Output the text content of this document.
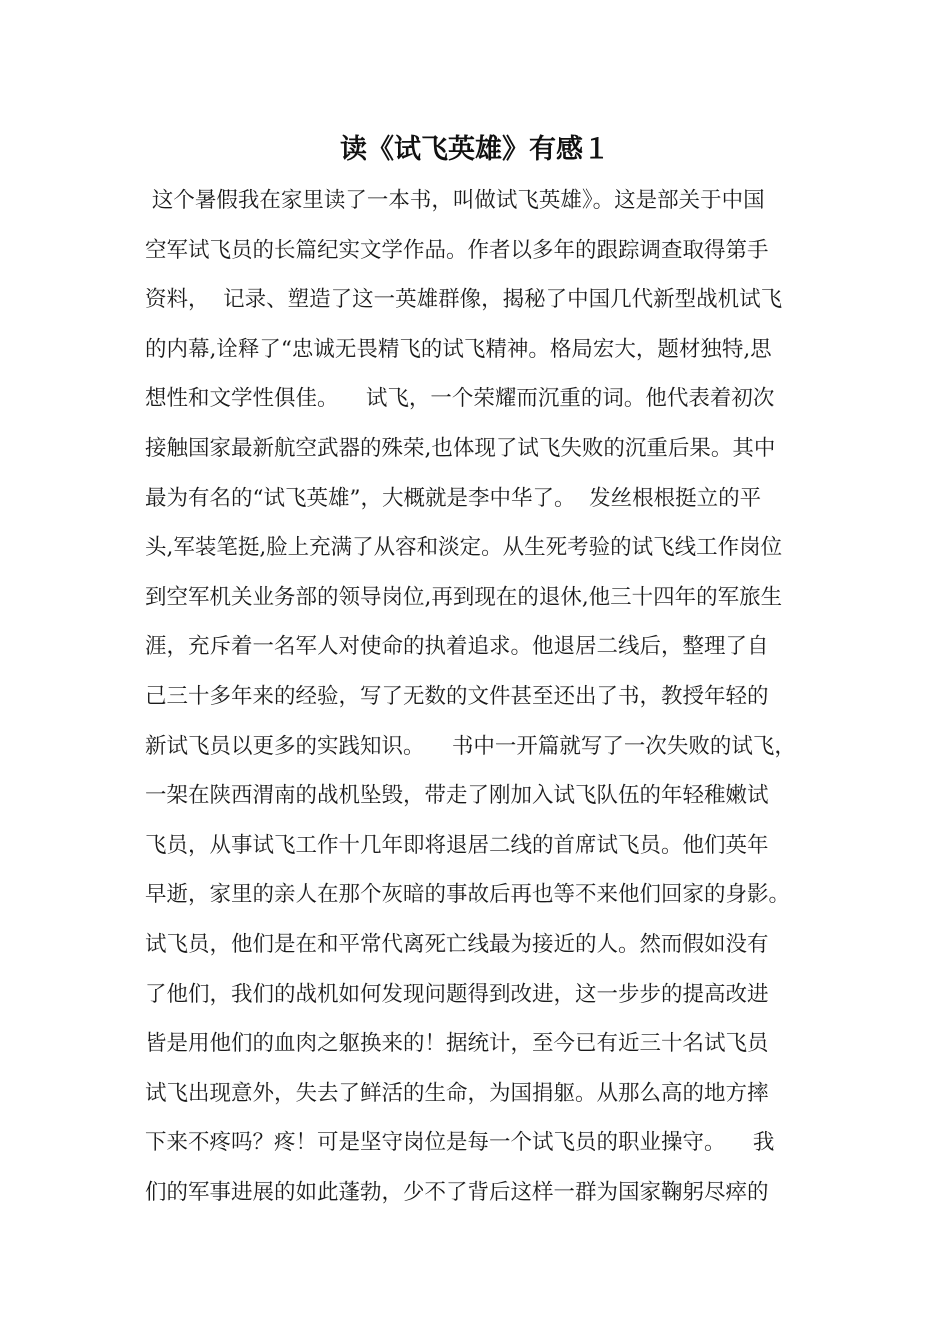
读《试飞英雄》有感１
这个暑假我在家里读了一本书，叫做试飞英雄》。这是部关于中国
空军试飞员的长篇纪实文学作品。作者以多年的跟踪调查取得第手
资料，  记录、塑造了这一英雄群像，揭秘了中国几代新型战机试飞
的内幕,诠释了“忠诚无畏精飞的试飞精神。格局宏大，题材独特,思
想性和文学性俱佳。    试飞，一个荣耀而沉重的词。他代表着初次
接触国家最新航空武器的殊荣,也体现了试飞失败的沉重后果。其中
最为有名的“试飞英雄”，大概就是李中华了。  发丝根根挺立的平
头,军装笔挺,脸上充满了从容和淡定。从生死考验的试飞线工作岗位
到空军机关业务部的领导岗位,再到现在的退休,他三十四年的军旅生
涯，充斥着一名军人对使命的执着追求。他退居二线后，整理了自
己三十多年来的经验，写了无数的文件甚至还出了书，教授年轻的
新试飞员以更多的实践知识。    书中一开篇就写了一次失败的试飞，
一架在陕西渭南的战机坠毁，带走了刚加入试飞队伍的年轻稚嫩试
飞员，从事试飞工作十几年即将退居二线的首席试飞员。他们英年
早逝，家里的亲人在那个灰暗的事故后再也等不来他们回家的身影。
试飞员，他们是在和平常代离死亡线最为接近的人。然而假如没有
了他们，我们的战机如何发现问题得到改进，这一步步的提高改进
皆是用他们的血肉之躯换来的！据统计，至今已有近三十名试飞员
试飞出现意外，失去了鲜活的生命，为国捐躯。从那么高的地方摔
下来不疼吗？疼！可是坚守岗位是每一个试飞员的职业操守。    我
们的军事进展的如此蓬勃，少不了背后这样一群为国家鞠躬尽瘁的
